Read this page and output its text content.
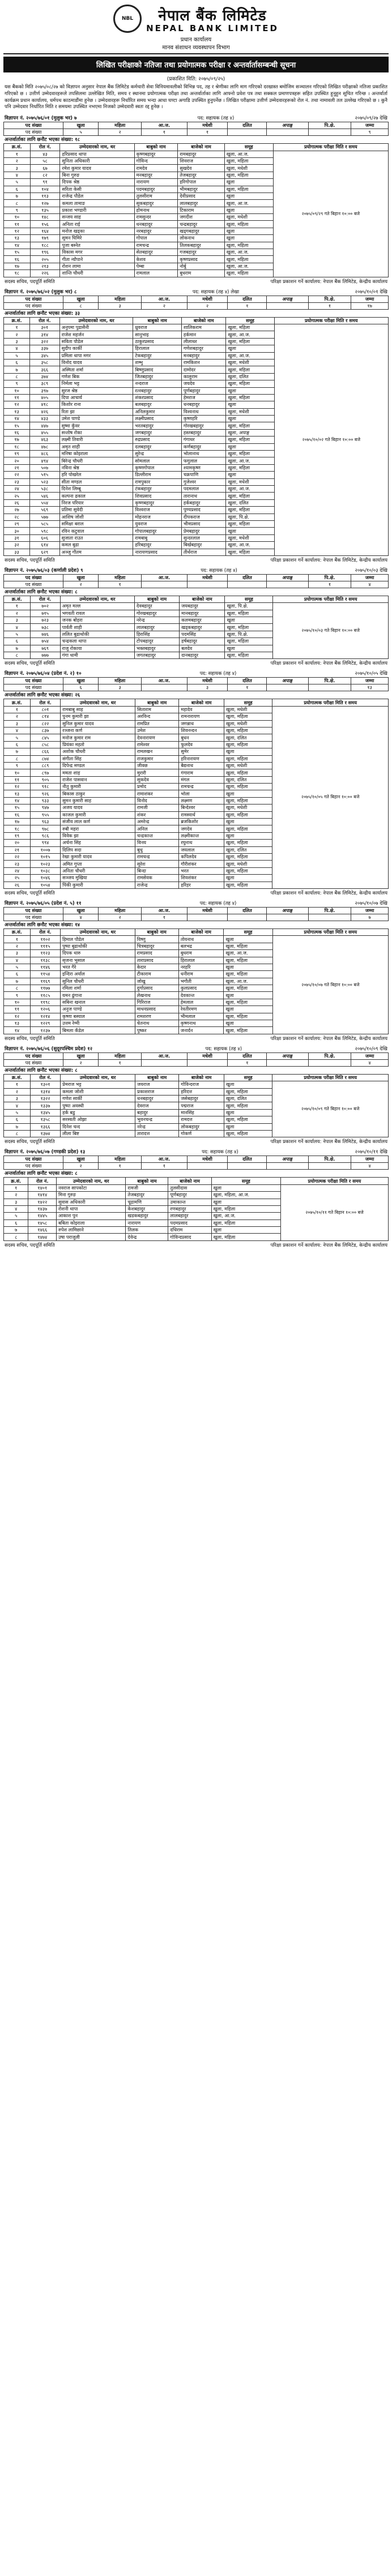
NBL	नेपाल बैंक लिमिटेड
NEPAL BANK LIMITED
प्रधान कार्यालय
मानव संशाधन व्यवस्थापन विभाग
लिखित परीक्षाको नतिजा तथा प्रयोगात्मक परीक्षा र अन्तर्वार्तासम्बन्धी सूचना
(प्रकाशित मिति: २०७५/०९/२५)
यस बैंकको मिति २०७५/०८/२७ को विज्ञापन अनुसार नेपाल बैंक लिमिटेड कर्मचारी सेवा विनियमावलीको विभिन्न पद, तह र श्रेणीका लागि माग गरिएको दरखास्त बमोजिम सञ्चालन गरिएको लिखित परीक्षाको नतिजा प्रकाशित गरिएको छ । उत्तीर्ण उम्मेदवारहरूले तपसिलमा उल्लेखित मिति, समय र स्थानमा प्रयोगात्मक परीक्षा तथा अन्तर्वार्ताका लागि आफ्नो प्रवेश पत्र तथा सक्कल प्रमाणपत्रहरू सहित उपस्थित हुनुहुन सूचित गरिन्छ । अन्तर्वार्ता कार्यक्रम प्रधान कार्यालय, धर्मपथ काठमाडौंमा हुनेछ । उम्मेदवारहरू निर्धारित समय भन्दा आधा घण्टा अगाडि उपस्थित हुनुपर्नेछ । लिखित परीक्षामा उत्तीर्ण उम्मेदवारहरूको रोल नं. तथा नामावली तल उल्लेख गरिएको छ । कुनै पनि उम्मेदवार निर्धारित मिति र समयमा उपस्थित नभएमा निजको उम्मेदवारी स्वतः रद्द हुनेछ ।
विज्ञापन नं. २०७५/७६/०१ (मुलुक भर) ७	पद: सहायक (तह ४)	२०७५/०९/२७ देखि
पद संख्या	खुला	महिला	आ.ज.	मधेशी	दलित	अपाङ्ग	पि.क्षे.	जम्मा
पद संख्या	५	२	१	१				९
अन्तर्वार्ताका लागि छनौट भएका संख्या: १८
क्र.सं.	रोल नं.	उम्मेदवारको नाम, थर	बाबुको नाम	बाजेको नाम	समूह	प्रयोगात्मक परीक्षा मिति र समय
१	४३	हरिप्रसाद थापा	कृष्णबहादुर	रामबहादुर	खुला, आ.ज.	२०७५/०९/२९ गते बिहान १०:०० बजे
२	५८	सुनिता अधिकारी	गोविन्द	शिवराज	खुला, महिला	
३	६७	रमेश कुमार यादव	रामदेव	सुखदेव	खुला, मधेशी	
४	८२	बिना गुरुङ	मनबहादुर	तेजबहादुर	खुला, महिला	
५	९१	दिपक श्रेष्ठ	नारायण	हरिगोपाल	खुला	
६	१०४	सरिता केसी	पदमबहादुर	भीमबहादुर	खुला, महिला	
७	११३	राजेन्द्र पौडेल	तुलसीराम	देवीप्रसाद	खुला	
८	१२७	कमला तामाङ	सुकबहादुर	लालबहादुर	खुला, आ.ज.	
९	१३५	प्रकाश भण्डारी	होमनाथ	टिकाराम	खुला	
१०	१४८	सन्जय साह	रामसुन्दर	जगदीश	खुला, मधेशी	
११	१५६	अनिता राई	धनबहादुर	चन्द्रबहादुर	खुला, महिला	
१२	१६४	मनोज खड्का	नरबहादुर	खड्गबहादुर	खुला	
१३	१७९	सुमन घिमिरे	गोपाल	लोकनाथ	खुला	
१४	१८८	पुजा बस्नेत	रामचन्द्र	तिलकबहादुर	खुला, महिला	
१५	१९६	विकास मगर	सेतबहादुर	गजबहादुर	खुला, आ.ज.	
१६	२०५	गीता न्यौपाने	केशव	कृष्णप्रसाद	खुला, महिला	
१७	२१३	रोशन लामा	पेम्बा	नोर्बु	खुला, आ.ज.	
१८	२२६	शान्ति चौधरी	रामलाल	बुधराम	खुला, महिला	
सदस्य सचिव, पदपूर्ति समिति	परिक्षा प्रकाशन गर्ने कार्यालय: नेपाल बैंक लिमिटेड, केन्द्रीय कार्यालय
विज्ञापन नं. २०७५/७६/०२ (मुलुक भर) ८	पद: सहायक (तह ४) लेखा	२०७५/१०/०१ देखि
पद संख्या	खुला	महिला	आ.ज.	मधेशी	दलित	अपाङ्ग	पि.क्षे.	जम्मा
पद संख्या	८	३	२	२	१		१	१७
अन्तर्वार्ताका लागि छनौट भएका संख्या: ३३
क्र.सं.	रोल नं.	उम्मेदवारको नाम, थर	बाबुको नाम	बाजेको नाम	समूह	प्रयोगात्मक परीक्षा मिति र समय
१	३०१	अनुपमा पुडासैनी	ध्रुवराज	शालिकराम	खुला, महिला	२०७५/१०/०२ गते बिहान १०:०० बजे
२	३१४	राजेश महर्जन	सानुभाइ	हर्कमान	खुला, आ.ज.	
३	३२२	सविता पौडेल	ठाकुरप्रसाद	लीलाधर	खुला, महिला	
४	३३७	सुदीप कार्की	हिरालाल	गणेशबहादुर	खुला	
५	३४५	प्रमिला थापा मगर	टेकबहादुर	मनबहादुर	खुला, आ.ज.	
६	३५८	विनोद यादव	शम्भु	रामकिशन	खुला, मधेशी	
७	३६६	अस्मिता शर्मा	बिष्णुप्रसाद	दामोदर	खुला, महिला	
८	३७४	गणेश बिक	जितबहादुर	कालुराम	खुला, दलित	
९	३८९	निर्मला भट्ट	नन्दराज	जयदेव	खुला, महिला	
१०	३९७	सुरज श्रेष्ठ	रत्नबहादुर	पूर्णबहादुर	खुला	
११	४०५	दिपा आचार्य	शंकरप्रसाद	हेमराज	खुला, महिला	
१२	४१८	किशोर राना	बलबहादुर	धनबहादुर	खुला	
१३	४२६	रिता झा	अनिलकुमार	विश्वनाथ	खुला, मधेशी	
१४	४३३	उमेश पाण्डे	लक्ष्मीप्रसाद	कृष्णहरि	खुला	
१५	४४७	सुष्मा कुँवर	भरतबहादुर	गोरखबहादुर	खुला, महिला	
१६	४५५	सन्तोष रोका	जगबहादुर	हस्तबहादुर	खुला, अपाङ्ग	
१७	४६३	लक्ष्मी तिवारी	रुद्रप्रसाद	गंगाधर	खुला, महिला	
१८	४७८	अमृत शाही	दलबहादुर	कर्णबहादुर	खुला	
१९	४८६	मनिषा कोइराला	सुरेन्द्र	भोलानाथ	खुला, महिला	
२०	४९४	बिरेन्द्र चौधरी	सोमलाल	फगुलाल	खुला, आ.ज.	
२१	५०७	नविना श्रेष्ठ	कृष्णगोपाल	श्यामकृष्ण	खुला, महिला	
२२	५१५	हरि पोखरेल	डिल्लीराम	चक्रपाणि	खुला	
२३	५२३	सीता मण्डल	रामपुकार	गुजेश्वर	खुला, मधेशी	
२४	५३८	दिनेश लिम्बू	टंकबहादुर	पदमलाल	खुला, आ.ज.	
२५	५४६	कल्पना ढकाल	शिवप्रसाद	तारानाथ	खुला, महिला	
२६	५५४	निरज परियार	कृष्णबहादुर	हर्कबहादुर	खुला, दलित	
२७	५६९	प्रतिमा सुवेदी	विश्वराज	पुण्यप्रसाद	खुला, महिला	
२८	५७७	आशिष जोशी	मोहनराज	दीपकराज	खुला, पि.क्षे.	
२९	५८५	समिक्षा बराल	युवराज	भीमप्रसाद	खुला, महिला	
३०	५९८	रविन कटुवाल	गोपालबहादुर	प्रेमबहादुर	खुला	
३१	६०६	सुजाता राउत	रामबाबु	सुन्दरलाल	खुला, मधेशी	
३२	६१४	कमल बुढा	हरिबहादुर	बिर्खबहादुर	खुला, आ.ज.	
३३	६२९	अञ्जु गौतम	नारायणप्रसाद	तीर्थराज	खुला, महिला	
सदस्य सचिव, पदपूर्ति समिति	परिक्षा प्रकाशन गर्ने कार्यालय: नेपाल बैंक लिमिटेड, केन्द्रीय कार्यालय
विज्ञापन नं. २०७५/७६/०३ (कर्णाली प्रदेश) ९	पद: सहायक (तह ४)	२०७५/१०/०३ देखि
पद संख्या	खुला	महिला	आ.ज.	मधेशी	दलित	अपाङ्ग	पि.क्षे.	जम्मा
पद संख्या	२	१					१	४
अन्तर्वार्ताका लागि छनौट भएका संख्या: ८
क्र.सं.	रोल नं.	उम्मेदवारको नाम, थर	बाबुको नाम	बाजेको नाम	समूह	प्रयोगात्मक परीक्षा मिति र समय
१	७०२	अमृत मल्ल	देवबहादुर	जयबहादुर	खुला, पि.क्षे.	२०७५/१०/०३ गते बिहान १०:०० बजे
२	७१५	भगवती रावल	गोरखबहादुर	मानबहादुर	खुला, महिला	
३	७२३	जनक बोहरा	नरेन्द्र	कलमबहादुर	खुला	
४	७३८	पार्वती शाही	लालबहादुर	खड्कबहादुर	खुला, महिला	
५	७४६	ललित बुढाथोकी	हिरासिंह	पदमसिंह	खुला, पि.क्षे.	
६	७५४	चन्द्रकला थापा	टोपबहादुर	हर्षबहादुर	खुला, महिला	
७	७६९	राजु रोकाया	भक्तबहादुर	बलदेव	खुला	
८	७७७	गंगा धामी	जगतबहादुर	दानबहादुर	खुला, महिला	
सदस्य सचिव, पदपूर्ति समिति	परिक्षा प्रकाशन गर्ने कार्यालय: नेपाल बैंक लिमिटेड, केन्द्रीय कार्यालय
विज्ञापन नं. २०७५/७६/०४ (प्रदेश नं. २) १०	पद: सहायक (तह ४)	२०७५/१०/०५ देखि
पद संख्या	खुला	महिला	आ.ज.	मधेशी	दलित	अपाङ्ग	पि.क्षे.	जम्मा
पद संख्या	६	३		३	१			१३
अन्तर्वार्ताका लागि छनौट भएका संख्या: २६
क्र.सं.	रोल नं.	उम्मेदवारको नाम, थर	बाबुको नाम	बाजेको नाम	समूह	प्रयोगात्मक परीक्षा मिति र समय
१	८०१	रामबाबु साह	सिताराम	महादेव	खुला, मधेशी	२०७५/१०/०५ गते बिहान १०:०० बजे
२	८१४	पुनम कुमारी झा	अरविन्द	रामनारायण	खुला, महिला	
३	८२२	सुनिल कुमार यादव	रामप्रित	जगन्नाथ	खुला, मधेशी	
४	८३७	रञ्जना कर्ण	उमेश	शिवनन्दन	खुला, महिला	
५	८४५	मनोज कुमार राम	देवनारायण	बुधन	खुला, दलित	
६	८५८	प्रियंका महतो	रामेश्वर	फुलदेव	खुला, महिला	
७	८६६	अशोक चौधरी	रामलखन	सुमेर	खुला	
८	८७४	संगीता सिंह	राजकुमार	हरिनारायण	खुला, महिला	
९	८८९	दिपेन्द्र मण्डल	जीवछ	बैद्यनाथ	खुला, मधेशी	
१०	८९७	ममता शाह	मुरारी	गंगाराम	खुला, महिला	
११	९०५	राजेश पासवान	सुकदेव	मंगल	खुला, दलित	
१२	९१८	नीतु कुमारी	प्रमोद	रामचन्द्र	खुला, महिला	
१३	९२६	बिकास ठाकुर	रामाशंकर	भोला	खुला	
१४	९३३	सुमन कुमारी साह	विनोद	लक्ष्मण	खुला, महिला	
१५	९४७	अजय यादव	रामजी	बिन्देश्वर	खुला, मधेशी	
१६	९५५	काजल कुमारी	शंकर	रामस्वार्थ	खुला, महिला	
१७	९६३	संजीव लाल कर्ण	अमरेन्द्र	ब्रजकिशोर	खुला	
१८	९७८	रुबी महरा	अनिल	जगदेव	खुला, महिला	
१९	९८६	विवेक झा	चन्द्रकान्त	लक्ष्मीकान्त	खुला	
२०	९९४	अर्चना सिंह	विनय	रघुनाथ	खुला, महिला	
२१	१००७	दिलिप सदा	बुधु	जयलाल	खुला, दलित	
२२	१०१५	रेखा कुमारी यादव	रामचन्द्र	कपिलदेव	खुला, महिला	
२३	१०२३	अमित गुप्ता	सुरेश	गौरीशंकर	खुला, मधेशी	
२४	१०३८	अनिता चौधरी	बिन्दा	भरत	खुला, महिला	
२५	१०४६	सञ्जय मुखिया	रामसेवक	शिवशंकर	खुला	
२६	१०५४	पिंकी कुमारी	राजेन्द्र	हरिहर	खुला, महिला	
सदस्य सचिव, पदपूर्ति समिति	परिक्षा प्रकाशन गर्ने कार्यालय: नेपाल बैंक लिमिटेड, केन्द्रीय कार्यालय
विज्ञापन नं. २०७५/७६/०५ (प्रदेश नं. ५) ११	पद: सहायक (तह ४)	२०७५/१०/०७ देखि
पद संख्या	खुला	महिला	आ.ज.	मधेशी	दलित	अपाङ्ग	पि.क्षे.	जम्मा
पद संख्या	४	२	१					७
अन्तर्वार्ताका लागि छनौट भएका संख्या: १४
क्र.सं.	रोल नं.	उम्मेदवारको नाम, थर	बाबुको नाम	बाजेको नाम	समूह	प्रयोगात्मक परीक्षा मिति र समय
१	११०२	हिमाल पौडेल	विष्णु	तोयनाथ	खुला	२०७५/१०/०७ गते बिहान १०:०० बजे
२	१११५	पुष्पा बुढाथोकी	चित्रबहादुर	बलभद्र	खुला, महिला	
३	११२३	दिपक थारु	रामप्रसाद	बुधराम	खुला, आ.ज.	
४	११३८	सृजना भुसाल	ताराप्रसाद	हिरालाल	खुला, महिला	
५	११४६	भरत गैरे	केदार	नरहरि	खुला	
६	११५४	इन्दिरा अर्याल	टीकाराम	धनीराम	खुला, महिला	
७	११६९	सुनिल चौधरी	जोखु	भगौती	खुला, आ.ज.	
८	११७७	रमिला शर्मा	दुर्गाप्रसाद	कुलप्रसाद	खुला, महिला	
९	११८५	यमन ढुंगाना	लेखनाथ	देवकान्त	खुला	
१०	११९८	सबिना खनाल	गिरिराज	हेमलाल	खुला, महिला	
११	१२०६	अनुज पाण्डे	माधवप्रसाद	रेवतीरमण	खुला	
१२	१२१४	कृष्णा बस्याल	रामशरण	भीमलाल	खुला, महिला	
१३	१२२९	उत्तम रेग्मी	चेतनाथ	कृष्णनाथ	खुला	
१४	१२३७	बिमला कँडेल	पुष्कर	जनार्दन	खुला, महिला	
सदस्य सचिव, पदपूर्ति समिति	परिक्षा प्रकाशन गर्ने कार्यालय: नेपाल बैंक लिमिटेड, केन्द्रीय कार्यालय
विज्ञापन नं. २०७५/७६/०६ (सुदूरपश्चिम प्रदेश) १२	पद: सहायक (तह ४)	२०७५/१०/०९ देखि
पद संख्या	खुला	महिला	आ.ज.	मधेशी	दलित	अपाङ्ग	पि.क्षे.	जम्मा
पद संख्या	२	१			१			४
अन्तर्वार्ताका लागि छनौट भएका संख्या: ८
क्र.सं.	रोल नं.	उम्मेदवारको नाम, थर	बाबुको नाम	बाजेको नाम	समूह	प्रयोगात्मक परीक्षा मिति र समय
१	१३०१	प्रेमराज भट्ट	जयराज	गोविन्दराज	खुला	२०७५/१०/०९ गते बिहान १०:०० बजे
२	१३१४	कमला जोशी	प्रकाशराज	हरिदत्त	खुला, महिला	
३	१३२२	गणेश सार्की	धनबहादुर	जसेबहादुर	खुला, दलित	
४	१३३७	पुष्पा अवस्थी	देवराज	पद्मराज	खुला, महिला	
५	१३४५	हर्क बडु	बहादुर	मानसिंह	खुला	
६	१३५८	सरस्वती ओझा	भुवनचन्द्र	रामदत्त	खुला, महिला	
७	१३६६	दिनेश चन्द	नरेन्द्र	लोकबहादुर	खुला	
८	१३७४	लीला बिष्ट	तारादत्त	गोकर्ण	खुला, महिला	
सदस्य सचिव, पदपूर्ति समिति	परिक्षा प्रकाशन गर्ने कार्यालय: नेपाल बैंक लिमिटेड, केन्द्रीय कार्यालय
विज्ञापन नं. २०७५/७६/०७ (गण्डकी प्रदेश) १३	पद: सहायक (तह ४)	२०७५/१०/११ देखि
पद संख्या	खुला	महिला	आ.ज.	मधेशी	दलित	अपाङ्ग	पि.क्षे.	जम्मा
पद संख्या	२	१	१					४
अन्तर्वार्ताका लागि छनौट भएका संख्या: ८
क्र.सं.	रोल नं.	उम्मेदवारको नाम, थर	बाबुको नाम	बाजेको नाम	समूह	प्रयोगात्मक परीक्षा मिति र समय
१	१४०१	नवराज सापकोटा	रामजी	तुलसीदास	खुला	२०७५/१०/११ गते बिहान १०:०० बजे
२	१४१४	मिना गुरुङ	तेजबहादुर	पूर्णबहादुर	खुला, महिला, आ.ज.	
३	१४२२	सुवास अधिकारी	चूडामणि	उमाकान्त	खुला	
४	१४३७	रोशनी थापा	केशबहादुर	रणबहादुर	खुला, महिला	
५	१४४५	आकाश पुन	खडकबहादुर	लालबहादुर	खुला, आ.ज.	
६	१४५८	बबिता कोइराला	नारायण	पदमप्रसाद	खुला, महिला	
७	१४६६	रुपेश लामिछाने	तिलक	दधिराम	खुला	
८	१४७४	उषा पराजुली	देवेन्द्र	गोविन्दप्रसाद	खुला, महिला	
सदस्य सचिव, पदपूर्ति समिति	परिक्षा प्रकाशन गर्ने कार्यालय: नेपाल बैंक लिमिटेड, केन्द्रीय कार्यालय
